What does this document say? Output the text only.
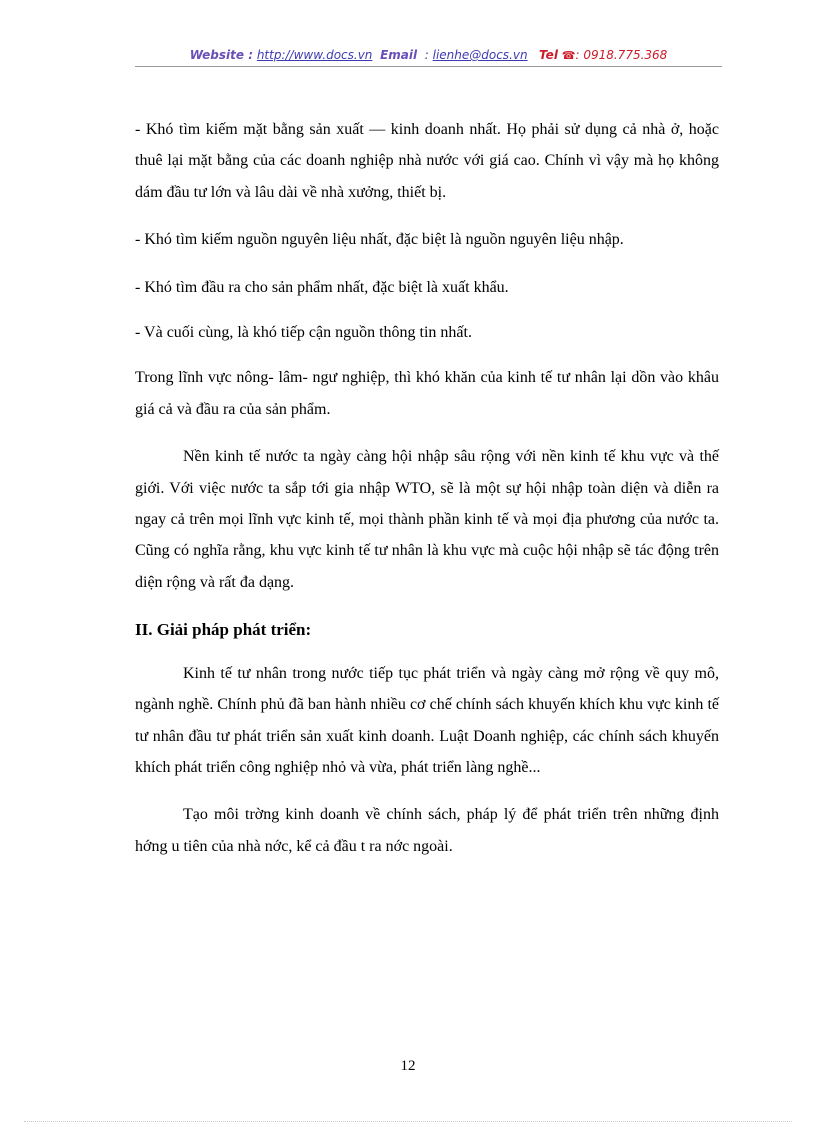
Website : http://www.docs.vn Email : lienhe@docs.vn Tel ☎: 0918.775.368

- Khó tìm kiếm mặt bằng sản xuất — kinh doanh nhất. Họ phải sử dụng cả nhà ở, hoặc thuê lại mặt bằng của các doanh nghiệp nhà nước với giá cao. Chính vì vậy mà họ không dám đầu tư lớn và lâu dài về nhà xưởng, thiết bị.

- Khó tìm kiếm nguồn nguyên liệu nhất, đặc biệt là nguồn nguyên liệu nhập.

- Khó tìm đầu ra cho sản phẩm nhất, đặc biệt là xuất khẩu.

- Và cuối cùng, là khó tiếp cận nguồn thông tin nhất.

Trong lĩnh vực nông- lâm- ngư nghiệp, thì khó khăn của kinh tế tư nhân lại dồn vào khâu giá cả và đầu ra của sản phẩm.

Nền kinh tế nước ta ngày càng hội nhập sâu rộng với nền kinh tế khu vực và thế giới. Với việc nước ta sắp tới gia nhập WTO, sẽ là một sự hội nhập toàn diện và diễn ra ngay cả trên mọi lĩnh vực kinh tế, mọi thành phần kinh tế và mọi địa phương của nước ta. Cũng có nghĩa rằng, khu vực kinh tế tư nhân là khu vực mà cuộc hội nhập sẽ tác động trên diện rộng và rất đa dạng.

II. Giải pháp phát triển:

Kinh tế tư nhân trong nước tiếp tục phát triển và ngày càng mở rộng về quy mô, ngành nghề. Chính phủ đã ban hành nhiều cơ chế chính sách khuyến khích khu vực kinh tế tư nhân đầu tư phát triển sản xuất kinh doanh. Luật Doanh nghiệp, các chính sách khuyến khích phát triển công nghiệp nhỏ và vừa, phát triển làng nghề...

Tạo môi trờng kinh doanh về chính sách, pháp lý để phát triển trên những định hớng u tiên của nhà nớc, kể cả đầu t ra nớc ngoài.

12
